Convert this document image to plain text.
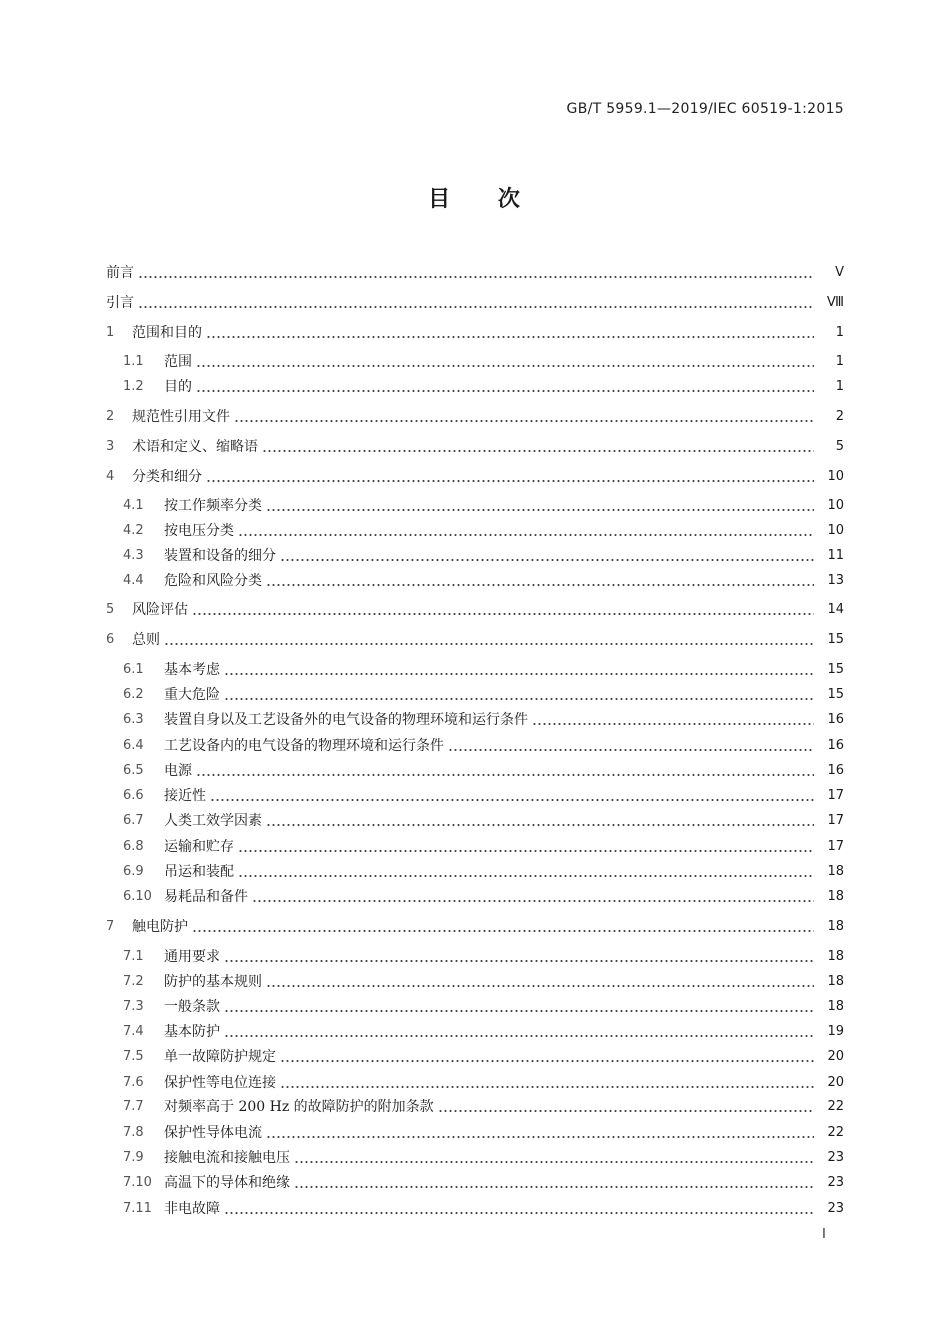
GB/T 5959.1—2019/IEC 60519-1:2015
目 次
前言	Ⅴ
引言	Ⅷ
1	范围和目的	1
1.1	范围	1
1.2	目的	1
2	规范性引用文件	2
3	术语和定义、缩略语	5
4	分类和细分	10
4.1	按工作频率分类	10
4.2	按电压分类	10
4.3	装置和设备的细分	11
4.4	危险和风险分类	13
5	风险评估	14
6	总则	15
6.1	基本考虑	15
6.2	重大危险	15
6.3	装置自身以及工艺设备外的电气设备的物理环境和运行条件	16
6.4	工艺设备内的电气设备的物理环境和运行条件	16
6.5	电源	16
6.6	接近性	17
6.7	人类工效学因素	17
6.8	运输和贮存	17
6.9	吊运和装配	18
6.10 易耗品和备件	18
7	触电防护	18
7.1	通用要求	18
7.2	防护的基本规则	18
7.3	一般条款	18
7.4	基本防护	19
7.5	单一故障防护规定	20
7.6	保护性等电位连接	20
7.7	对频率高于 200 Hz 的故障防护的附加条款	22
7.8	保护性导体电流	22
7.9	接触电流和接触电压	23
7.10 高温下的导体和绝缘	23
7.11 非电故障	23
Ⅰ
